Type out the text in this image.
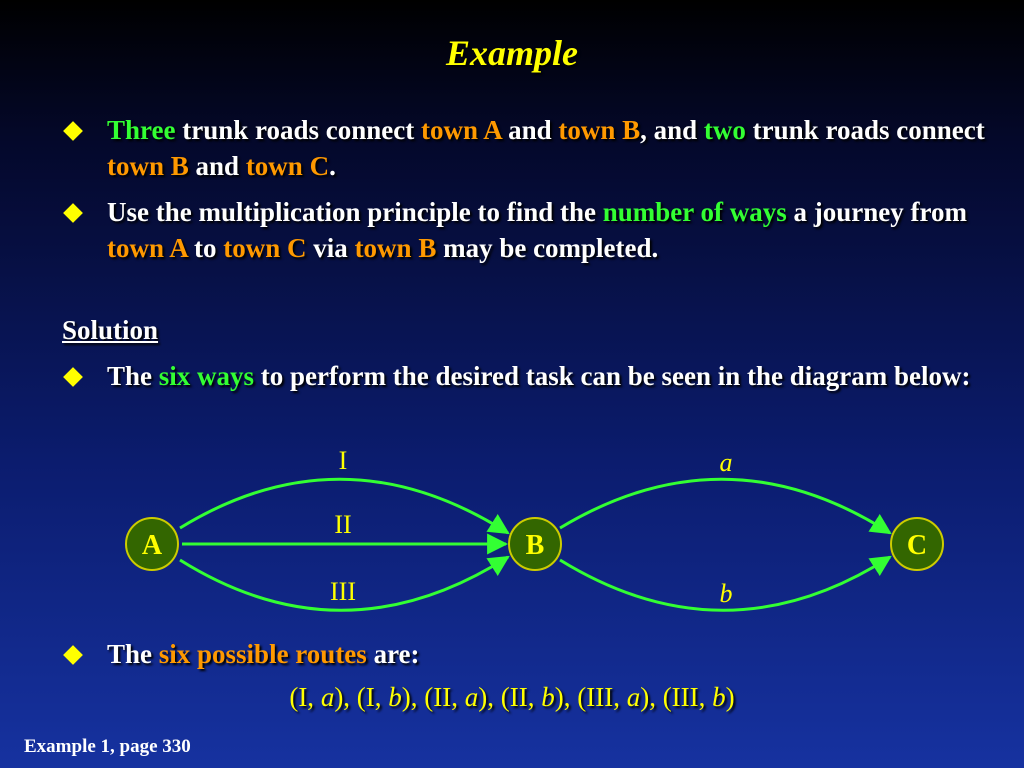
Example
Three trunk roads connect town A and town B, and two trunk roads connect town B and town C.
Use the multiplication principle to find the number of ways a journey from town A to town C via town B may be completed.
Solution
The six ways to perform the desired task can be seen in the diagram below:
A	B	C
I
II
III
a
b
The six possible routes are:
(I, a), (I, b), (II, a), (II, b), (III, a), (III, b)
Example 1, page 330
